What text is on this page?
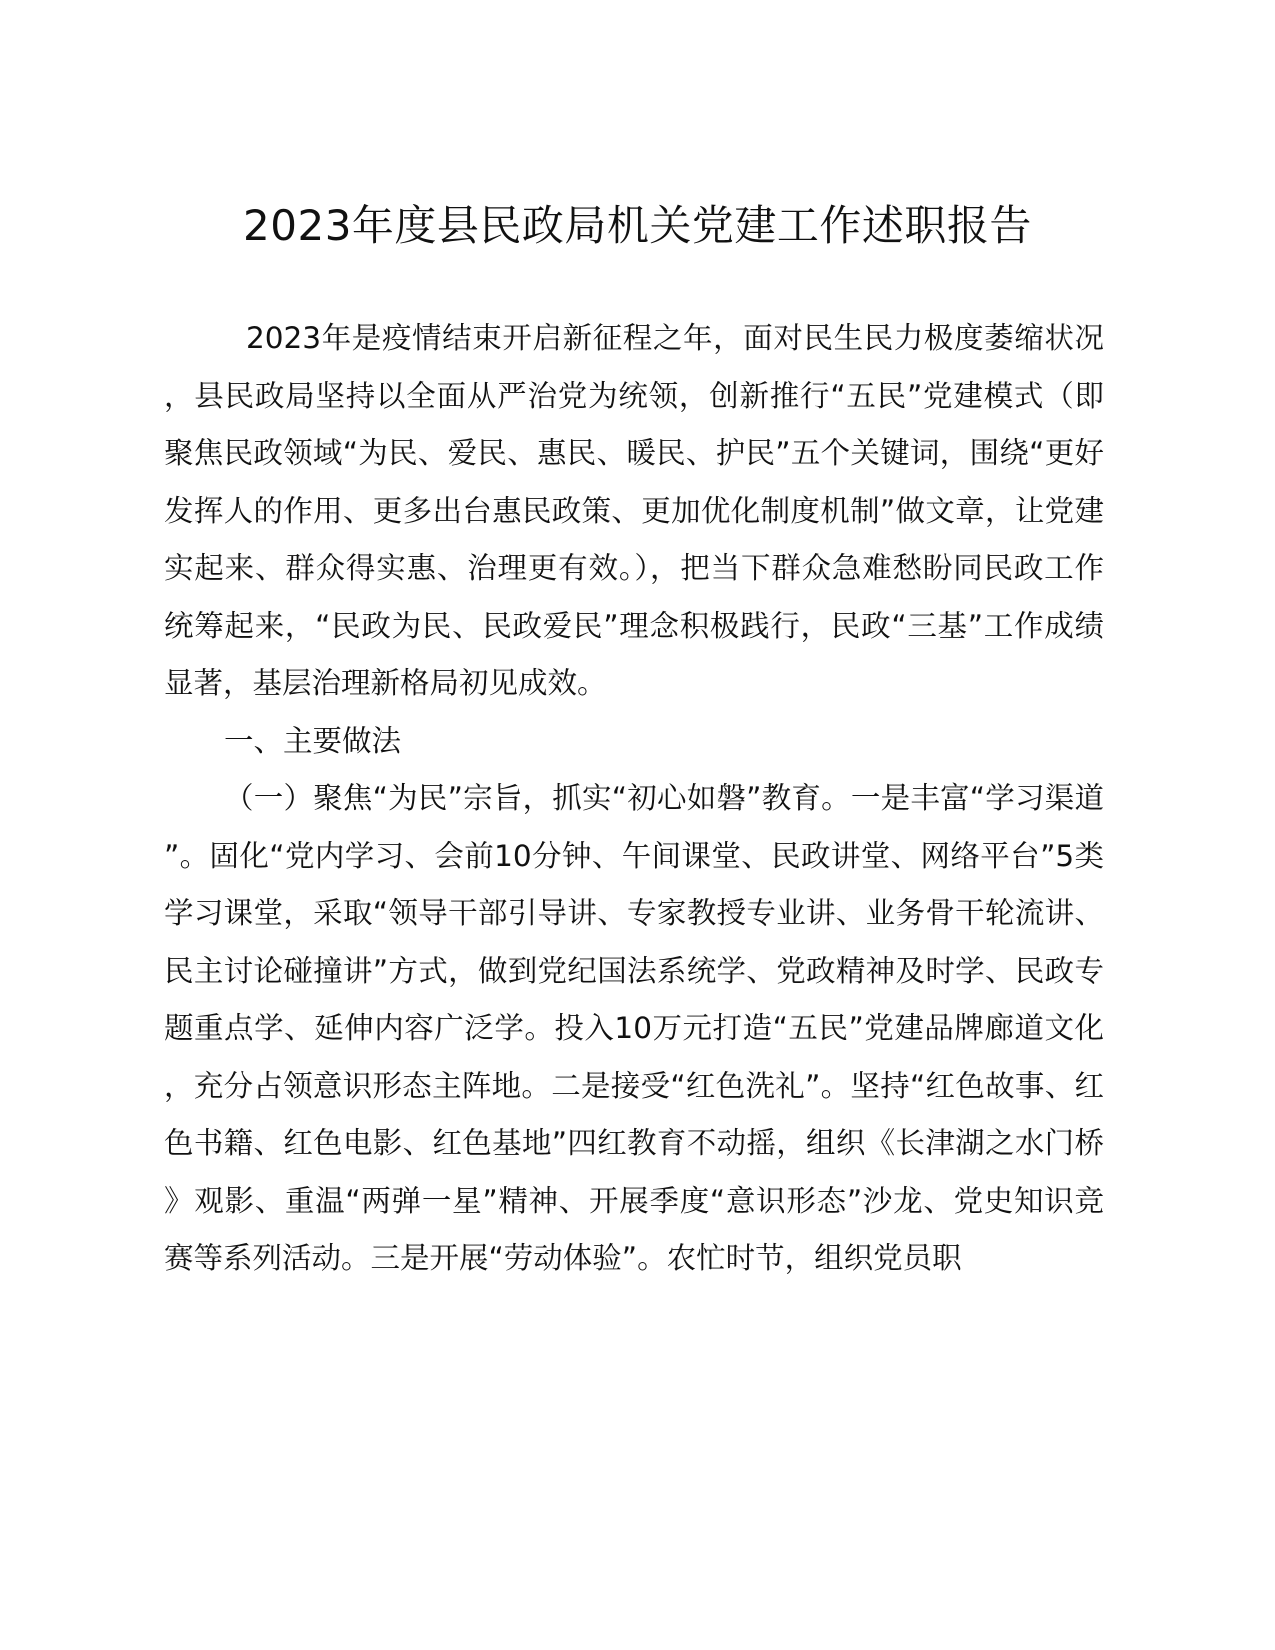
2023年度县民政局机关党建工作述职报告

2023年是疫情结束开启新征程之年，面对民生民力极度萎缩状况，县民政局坚持以全面从严治党为统领，创新推行“五民”党建模式（即聚焦民政领域“为民、爱民、惠民、暖民、护民”五个关键词，围绕“更好发挥人的作用、更多出台惠民政策、更加优化制度机制”做文章，让党建实起来、群众得实惠、治理更有效。），把当下群众急难愁盼同民政工作统筹起来，“民政为民、民政爱民”理念积极践行，民政“三基”工作成绩显著，基层治理新格局初见成效。

一、主要做法

（一）聚焦“为民”宗旨，抓实“初心如磐”教育。一是丰富“学习渠道”。固化“党内学习、会前10分钟、午间课堂、民政讲堂、网络平台”5类学习课堂，采取“领导干部引导讲、专家教授专业讲、业务骨干轮流讲、民主讨论碰撞讲”方式，做到党纪国法系统学、党政精神及时学、民政专题重点学、延伸内容广泛学。投入10万元打造“五民”党建品牌廊道文化，充分占领意识形态主阵地。二是接受“红色洗礼”。坚持“红色故事、红色书籍、红色电影、红色基地”四红教育不动摇，组织《长津湖之水门桥》观影、重温“两弹一星”精神、开展季度“意识形态”沙龙、党史知识竞赛等系列活动。三是开展“劳动体验”。农忙时节，组织党员职
